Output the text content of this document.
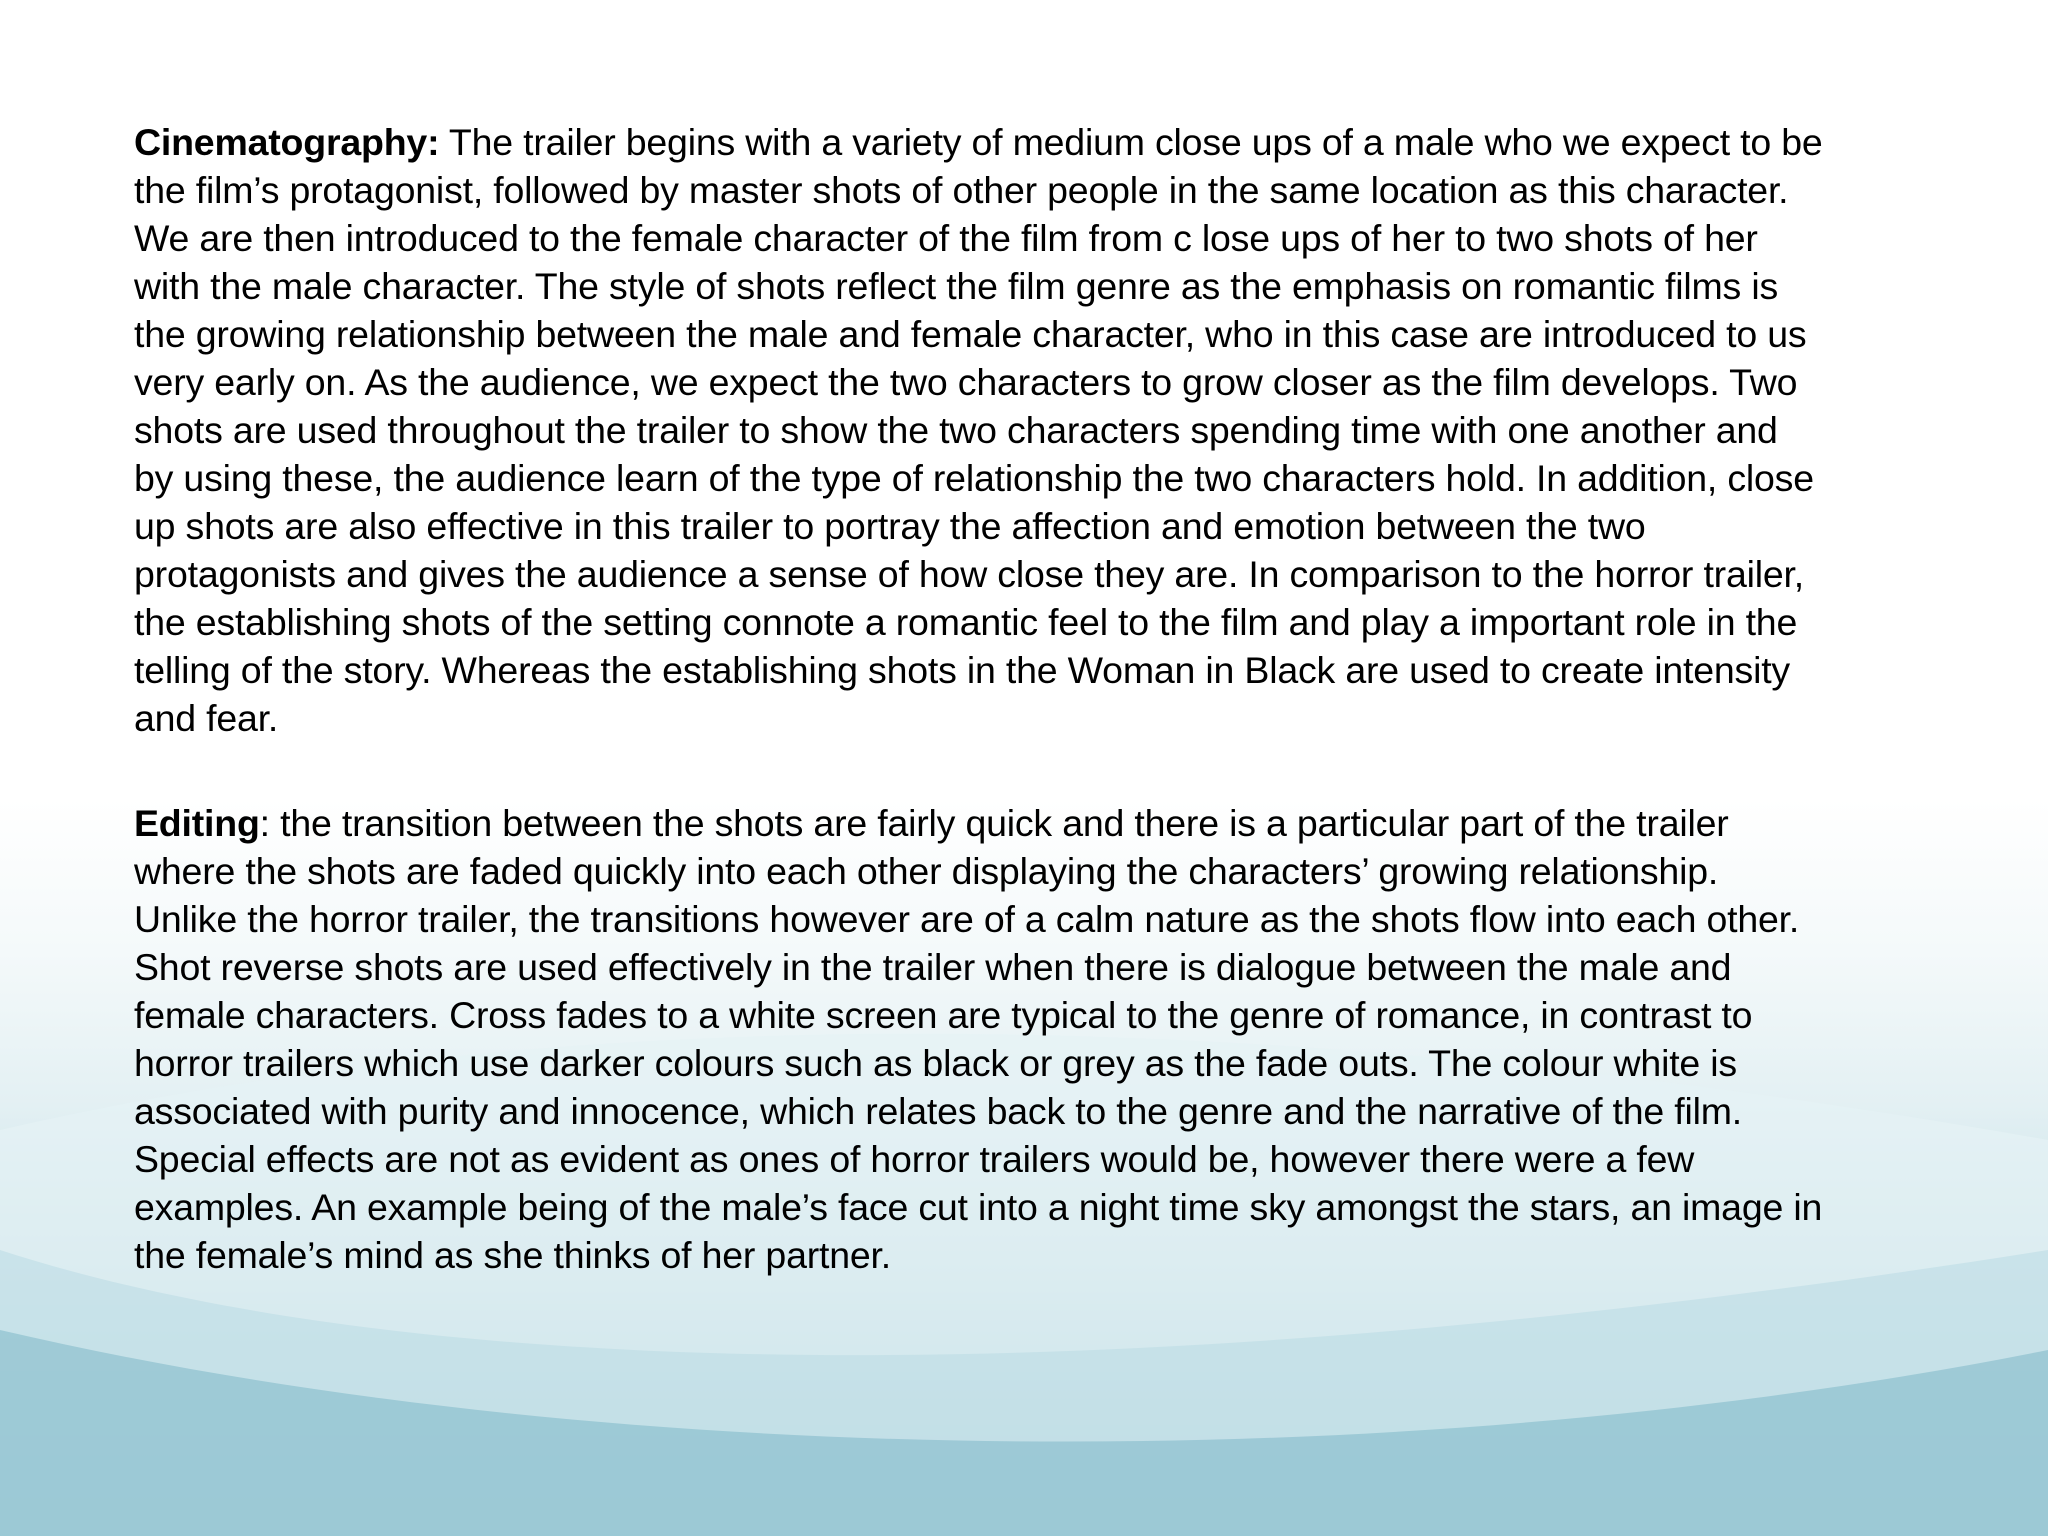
Cinematography: The trailer begins with a variety of medium close ups of a male who we expect to be
the film’s protagonist, followed by master shots of other people in the same location as this character.
We are then introduced to the female character of the film from c lose ups of her to two shots of her
with the male character. The style of shots reflect the film genre as the emphasis on romantic films is
the growing relationship between the male and female character, who in this case are introduced to us
very early on. As the audience, we expect the two characters to grow closer as the film develops. Two
shots are used throughout the trailer to show the two characters spending time with one another and
by using these, the audience learn of the type of relationship the two characters hold. In addition, close
up shots are also effective in this trailer to portray the affection and emotion between the two
protagonists and gives the audience a sense of how close they are. In comparison to the horror trailer,
the establishing shots of the setting connote a romantic feel to the film and play a important role in the
telling of the story. Whereas the establishing shots in the Woman in Black are used to create intensity
and fear.

Editing: the transition between the shots are fairly quick and there is a particular part of the trailer
where the shots are faded quickly into each other displaying the characters’ growing relationship.
Unlike the horror trailer, the transitions however are of a calm nature as the shots flow into each other.
Shot reverse shots are used effectively in the trailer when there is dialogue between the male and
female characters. Cross fades to a white screen are typical to the genre of romance, in contrast to
horror trailers which use darker colours such as black or grey as the fade outs. The colour white is
associated with purity and innocence, which relates back to the genre and the narrative of the film.
Special effects are not as evident as ones of horror trailers would be, however there were a few
examples. An example being of the male’s face cut into a night time sky amongst the stars, an image in
the female’s mind as she thinks of her partner.
